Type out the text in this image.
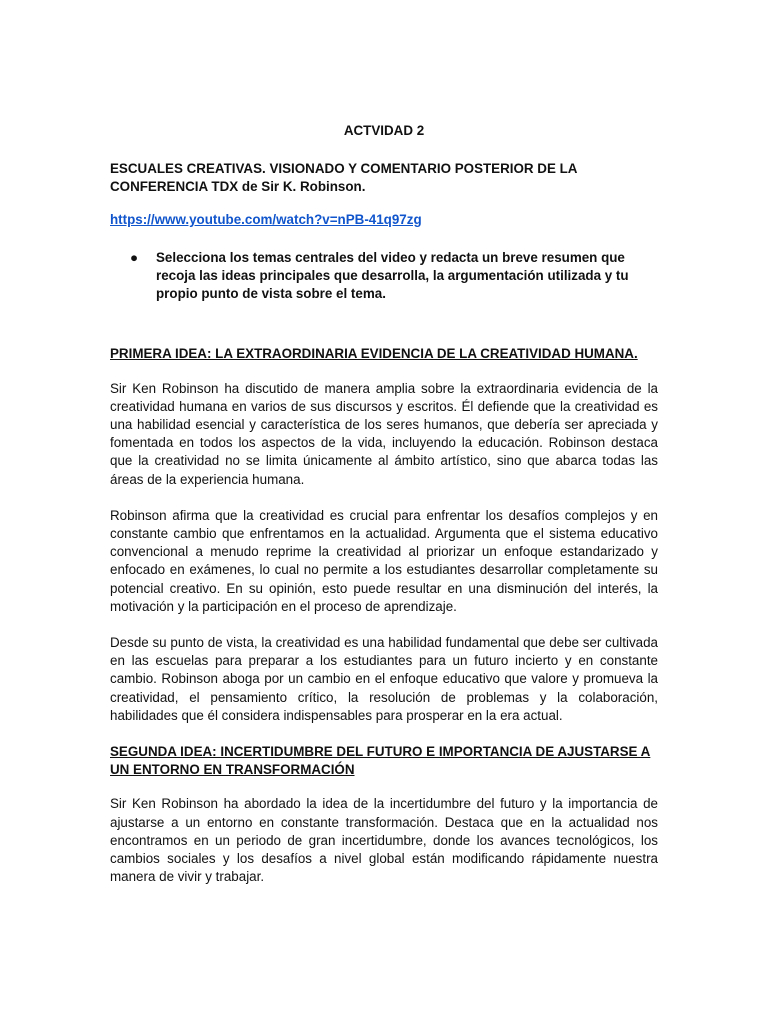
ACTVIDAD 2
ESCUALES CREATIVAS. VISIONADO Y COMENTARIO POSTERIOR DE LA CONFERENCIA TDX de Sir K. Robinson.
https://www.youtube.com/watch?v=nPB-41q97zg
●	Selecciona los temas centrales del video y redacta un breve resumen que recoja las ideas principales que desarrolla, la argumentación utilizada y tu propio punto de vista sobre el tema.
PRIMERA IDEA: LA EXTRAORDINARIA EVIDENCIA DE LA CREATIVIDAD HUMANA.

Sir Ken Robinson ha discutido de manera amplia sobre la extraordinaria evidencia de la creatividad humana en varios de sus discursos y escritos. Él defiende que la creatividad es una habilidad esencial y característica de los seres humanos, que debería ser apreciada y fomentada en todos los aspectos de la vida, incluyendo la educación. Robinson destaca que la creatividad no se limita únicamente al ámbito artístico, sino que abarca todas las áreas de la experiencia humana.

Robinson afirma que la creatividad es crucial para enfrentar los desafíos complejos y en constante cambio que enfrentamos en la actualidad. Argumenta que el sistema educativo convencional a menudo reprime la creatividad al priorizar un enfoque estandarizado y enfocado en exámenes, lo cual no permite a los estudiantes desarrollar completamente su potencial creativo. En su opinión, esto puede resultar en una disminución del interés, la motivación y la participación en el proceso de aprendizaje.

Desde su punto de vista, la creatividad es una habilidad fundamental que debe ser cultivada en las escuelas para preparar a los estudiantes para un futuro incierto y en constante cambio. Robinson aboga por un cambio en el enfoque educativo que valore y promueva la creatividad, el pensamiento crítico, la resolución de problemas y la colaboración, habilidades que él considera indispensables para prosperar en la era actual.

SEGUNDA IDEA: INCERTIDUMBRE DEL FUTURO E IMPORTANCIA DE AJUSTARSE A UN ENTORNO EN TRANSFORMACIÓN

Sir Ken Robinson ha abordado la idea de la incertidumbre del futuro y la importancia de ajustarse a un entorno en constante transformación. Destaca que en la actualidad nos encontramos en un periodo de gran incertidumbre, donde los avances tecnológicos, los cambios sociales y los desafíos a nivel global están modificando rápidamente nuestra manera de vivir y trabajar.
